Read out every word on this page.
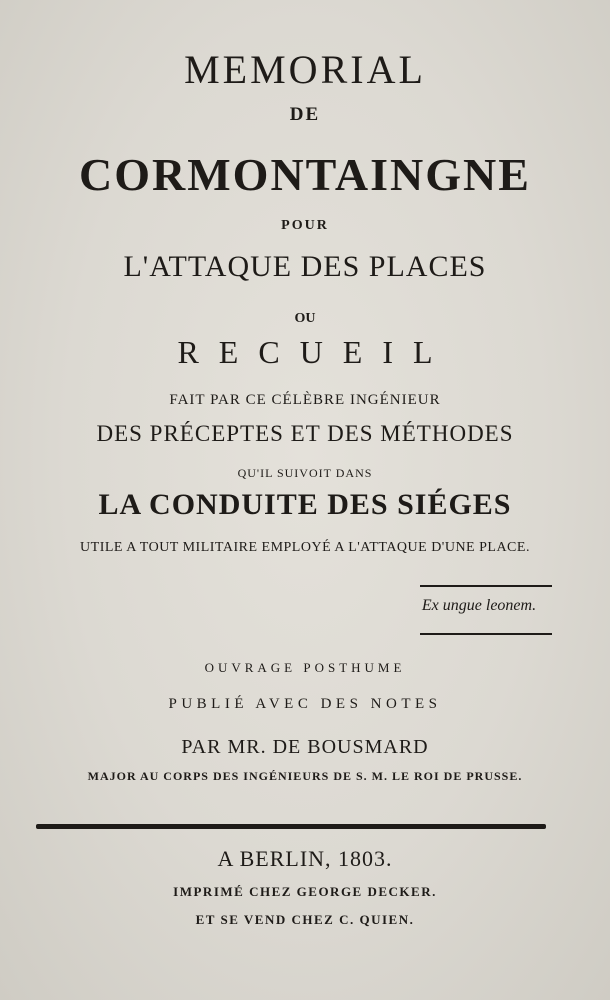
MEMORIAL
DE
CORMONTAINGNE
POUR
L'ATTAQUE DES PLACES
OU
RECUEIL
FAIT PAR CE CÉLÈBRE INGÉNIEUR
DES PRÉCEPTES ET DES MÉTHODES
QU'IL SUIVOIT DANS
LA CONDUITE DES SIÉGES
UTILE A TOUT MILITAIRE EMPLOYÉ A L'ATTAQUE D'UNE PLACE.
Ex ungue leonem.
OUVRAGE POSTHUME
PUBLIÉ AVEC DES NOTES
PAR MR. DE BOUSMARD
MAJOR AU CORPS DES INGÉNIEURS DE S. M. LE ROI DE PRUSSE.
A BERLIN, 1803.
IMPRIMÉ CHEZ GEORGE DECKER.
ET SE VEND CHEZ C. QUIEN.
